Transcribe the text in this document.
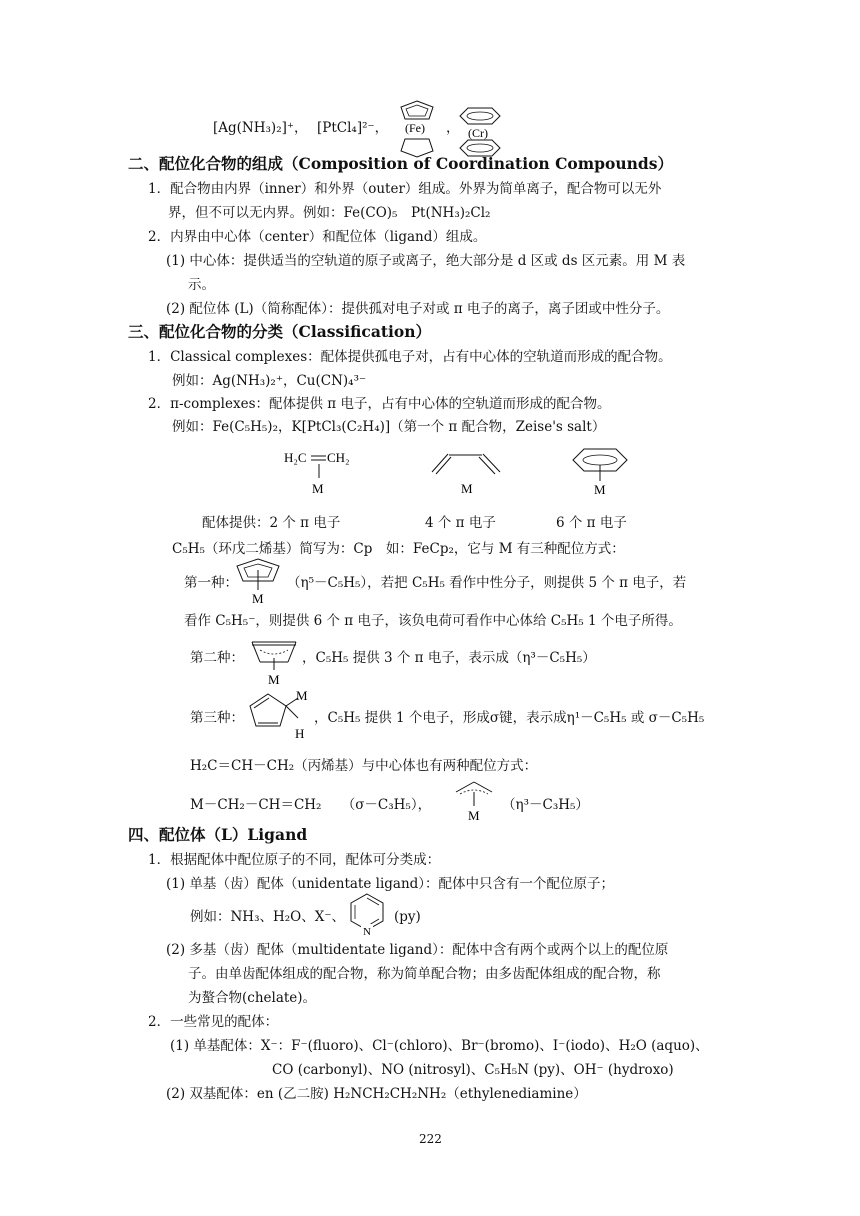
[Ag(NH₃)₂]⁺， [PtCl₄]²⁻， (Fe) ， (Cr)
二、配位化合物的组成（Composition of Coordination Compounds）
1．配合物由内界（inner）和外界（outer）组成。外界为简单离子，配合物可以无外
界，但不可以无内界。例如：Fe(CO)₅　Pt(NH₃)₂Cl₂
2．内界由中心体（center）和配位体（ligand）组成。
(1) 中心体：提供适当的空轨道的原子或离子，绝大部分是 d 区或 ds 区元素。用 M 表
示。
(2) 配位体 (L)（简称配体）：提供孤对电子对或 π 电子的离子，离子团或中性分子。
三、配位化合物的分类（Classification）
1．Classical complexes：配体提供孤电子对，占有中心体的空轨道而形成的配合物。
例如：Ag(NH₃)₂⁺，Cu(CN)₄³⁻
2．π-complexes：配体提供 π 电子，占有中心体的空轨道而形成的配合物。
例如：Fe(C₅H₅)₂，K[PtCl₃(C₂H₄)]（第一个 π 配合物，Zeise's salt）
H₂C CH₂
M	M	M
配体提供：2 个 π 电子	4 个 π 电子	6 个 π 电子
C₅H₅（环戊二烯基）简写为：Cp　如：FeCp₂，它与 M 有三种配位方式：
第一种：
M
（η⁵－C₅H₅），若把 C₅H₅ 看作中性分子，则提供 5 个 π 电子，若
看作 C₅H₅⁻，则提供 6 个 π 电子，该负电荷可看作中心体给 C₅H₅ 1 个电子所得。
第二种：
M
，C₅H₅ 提供 3 个 π 电子，表示成（η³－C₅H₅）
第三种：
M
H
，C₅H₅ 提供 1 个电子，形成σ键，表示成η¹－C₅H₅ 或 σ－C₅H₅
H₂C＝CH－CH₂（丙烯基）与中心体也有两种配位方式：
M－CH₂－CH＝CH₂　　（σ－C₃H₅），
M
（η³－C₃H₅）
四、配位体（L）Ligand
1．根据配体中配位原子的不同，配体可分类成：
(1) 单基（齿）配体（unidentate ligand）：配体中只含有一个配位原子；
例如：NH₃、H₂O、X⁻、
N
(py)
(2) 多基（齿）配体（multidentate ligand）：配体中含有两个或两个以上的配位原
子。由单齿配体组成的配合物，称为简单配合物；由多齿配体组成的配合物，称
为螯合物(chelate)。
2．一些常见的配体：
(1) 单基配体：X⁻：F⁻(fluoro)、Cl⁻(chloro)、Br⁻(bromo)、I⁻(iodo)、H₂O (aquo)、
CO (carbonyl)、NO (nitrosyl)、C₅H₅N (py)、OH⁻ (hydroxo)
(2) 双基配体：en (乙二胺) H₂NCH₂CH₂NH₂（ethylenediamine）
222
